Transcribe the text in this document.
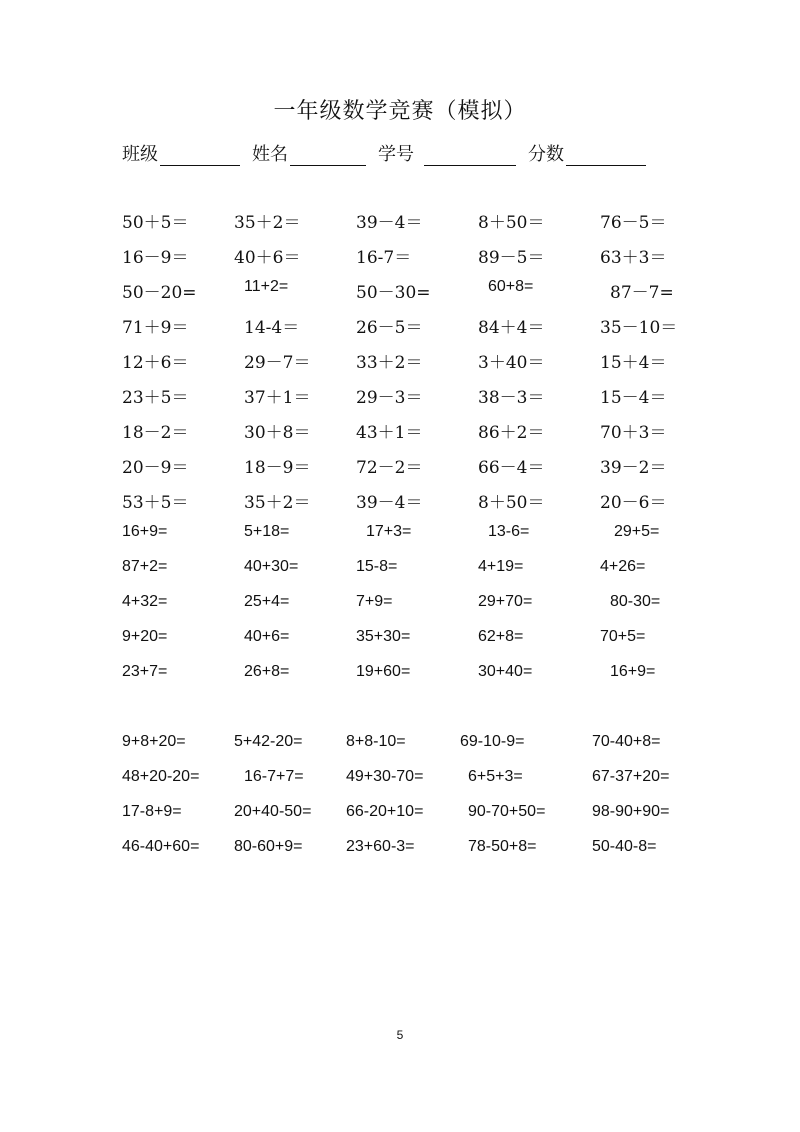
一年级数学竞赛（模拟）
班级	姓名	学号	分数
50＋5＝	35＋2＝	39－4＝	8＋50＝	76－5＝
16－9＝	40＋6＝	16-7＝	89－5＝	63＋3＝
50－20=	11+2=	50－30=	60+8=	87－7=
71＋9＝	14-4＝	26－5＝	84＋4＝	35－10＝
12＋6＝	29－7＝	33＋2＝	3＋40＝	15＋4＝
23＋5＝	37＋1＝	29－3＝	38－3＝	15－4＝
18－2＝	30＋8＝	43＋1＝	86＋2＝	70＋3＝
20－9＝	18－9＝	72－2＝	66－4＝	39－2＝
53＋5＝	35＋2＝	39－4＝	8＋50＝	20－6＝
16+9=	5+18=	17+3=	13-6=	29+5=
87+2=	40+30=	15-8=	4+19=	4+26=
4+32=	25+4=	7+9=	29+70=	80-30=
9+20=	40+6=	35+30=	62+8=	70+5=
23+7=	26+8=	19+60=	30+40=	16+9=
9+8+20=	5+42-20=	8+8-10=	69-10-9=	70-40+8=
48+20-20=	16-7+7=	49+30-70=	6+5+3=	67-37+20=
17-8+9=	20+40-50= 66-20+10=	90-70+50=	98-90+90=
46-40+60= 80-60+9=	23+60-3=	78-50+8=	50-40-8=
5
